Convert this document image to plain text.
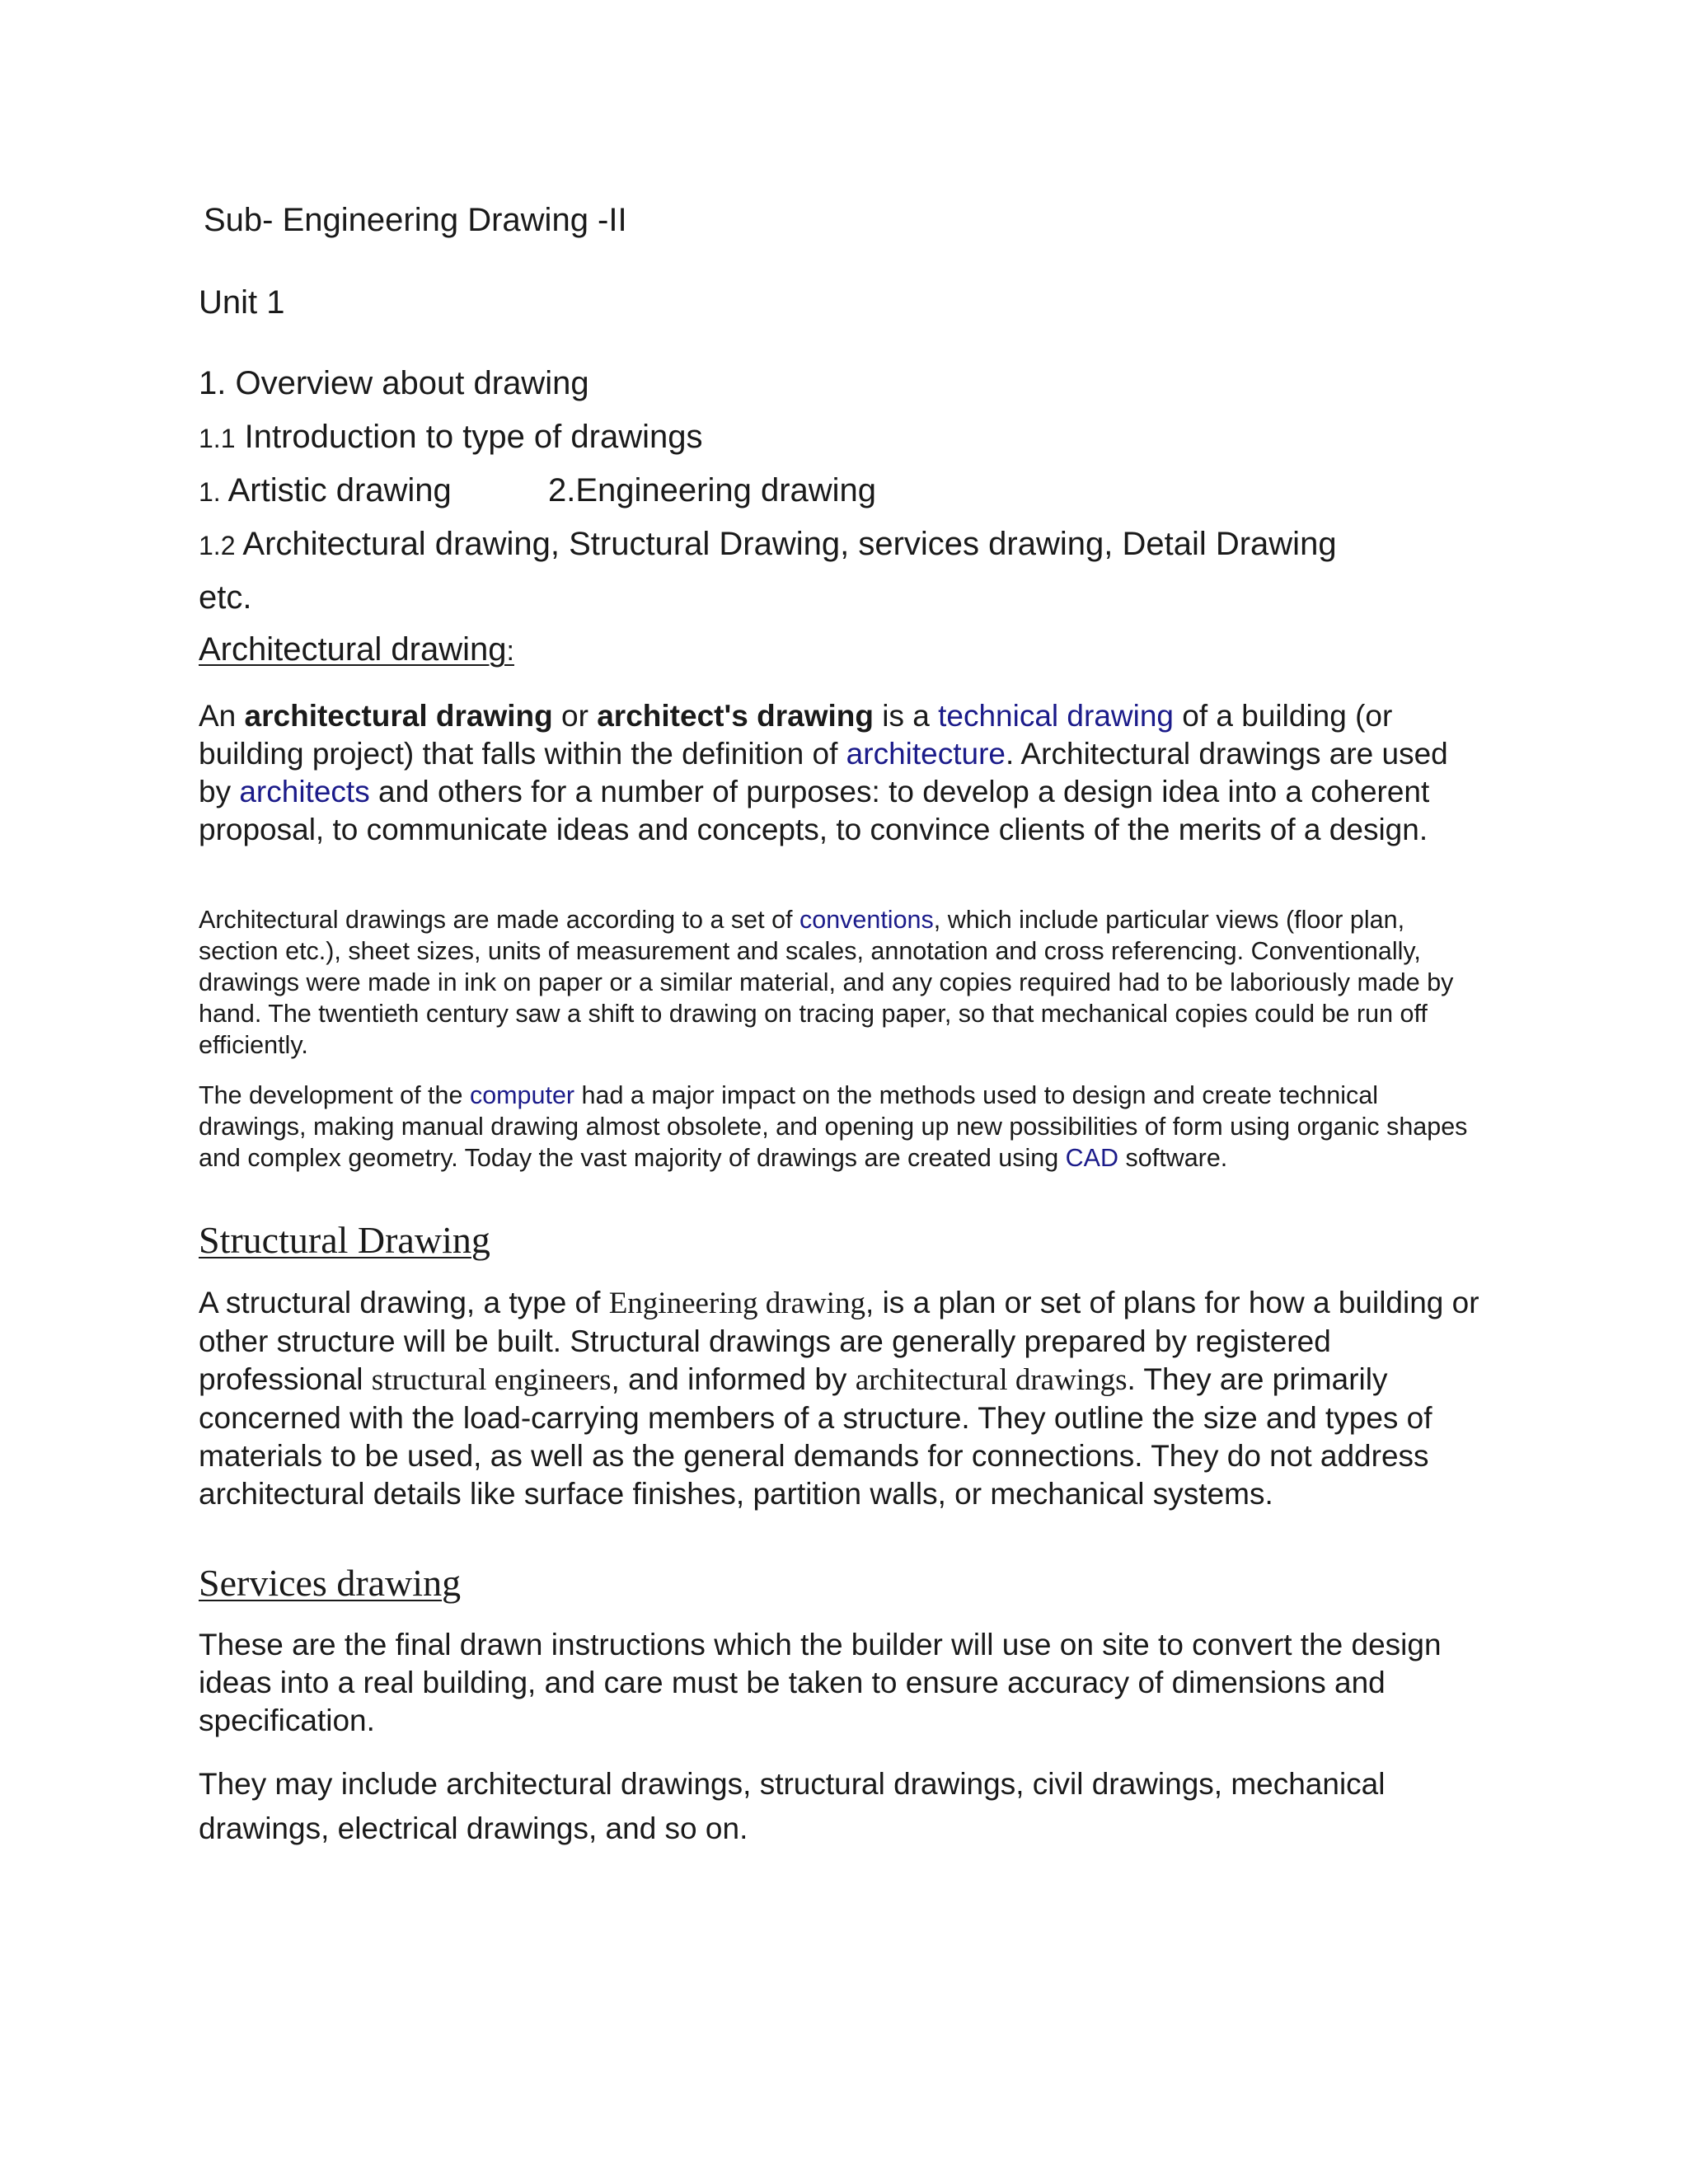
Sub- Engineering Drawing -II
Unit 1
1. Overview about drawing
1.1 Introduction to type of drawings
1. Artistic drawing	2.Engineering drawing
1.2 Architectural drawing, Structural Drawing, services drawing, Detail Drawing
etc.
Architectural drawing:

An architectural drawing or architect's drawing is a technical drawing of a building (or building project) that falls within the definition of architecture. Architectural drawings are used by architects and others for a number of purposes: to develop a design idea into a coherent proposal, to communicate ideas and concepts, to convince clients of the merits of a design.

Architectural drawings are made according to a set of conventions, which include particular views (floor plan, section etc.), sheet sizes, units of measurement and scales, annotation and cross referencing. Conventionally, drawings were made in ink on paper or a similar material, and any copies required had to be laboriously made by hand. The twentieth century saw a shift to drawing on tracing paper, so that mechanical copies could be run off efficiently.

The development of the computer had a major impact on the methods used to design and create technical drawings, making manual drawing almost obsolete, and opening up new possibilities of form using organic shapes and complex geometry. Today the vast majority of drawings are created using CAD software.

Structural Drawing

A structural drawing, a type of Engineering drawing, is a plan or set of plans for how a building or other structure will be built. Structural drawings are generally prepared by registered professional structural engineers, and informed by architectural drawings. They are primarily concerned with the load-carrying members of a structure. They outline the size and types of materials to be used, as well as the general demands for connections. They do not address architectural details like surface finishes, partition walls, or mechanical systems.

Services drawing

These are the final drawn instructions which the builder will use on site to convert the design ideas into a real building, and care must be taken to ensure accuracy of dimensions and specification.

They may include architectural drawings, structural drawings, civil drawings, mechanical drawings, electrical drawings, and so on.
